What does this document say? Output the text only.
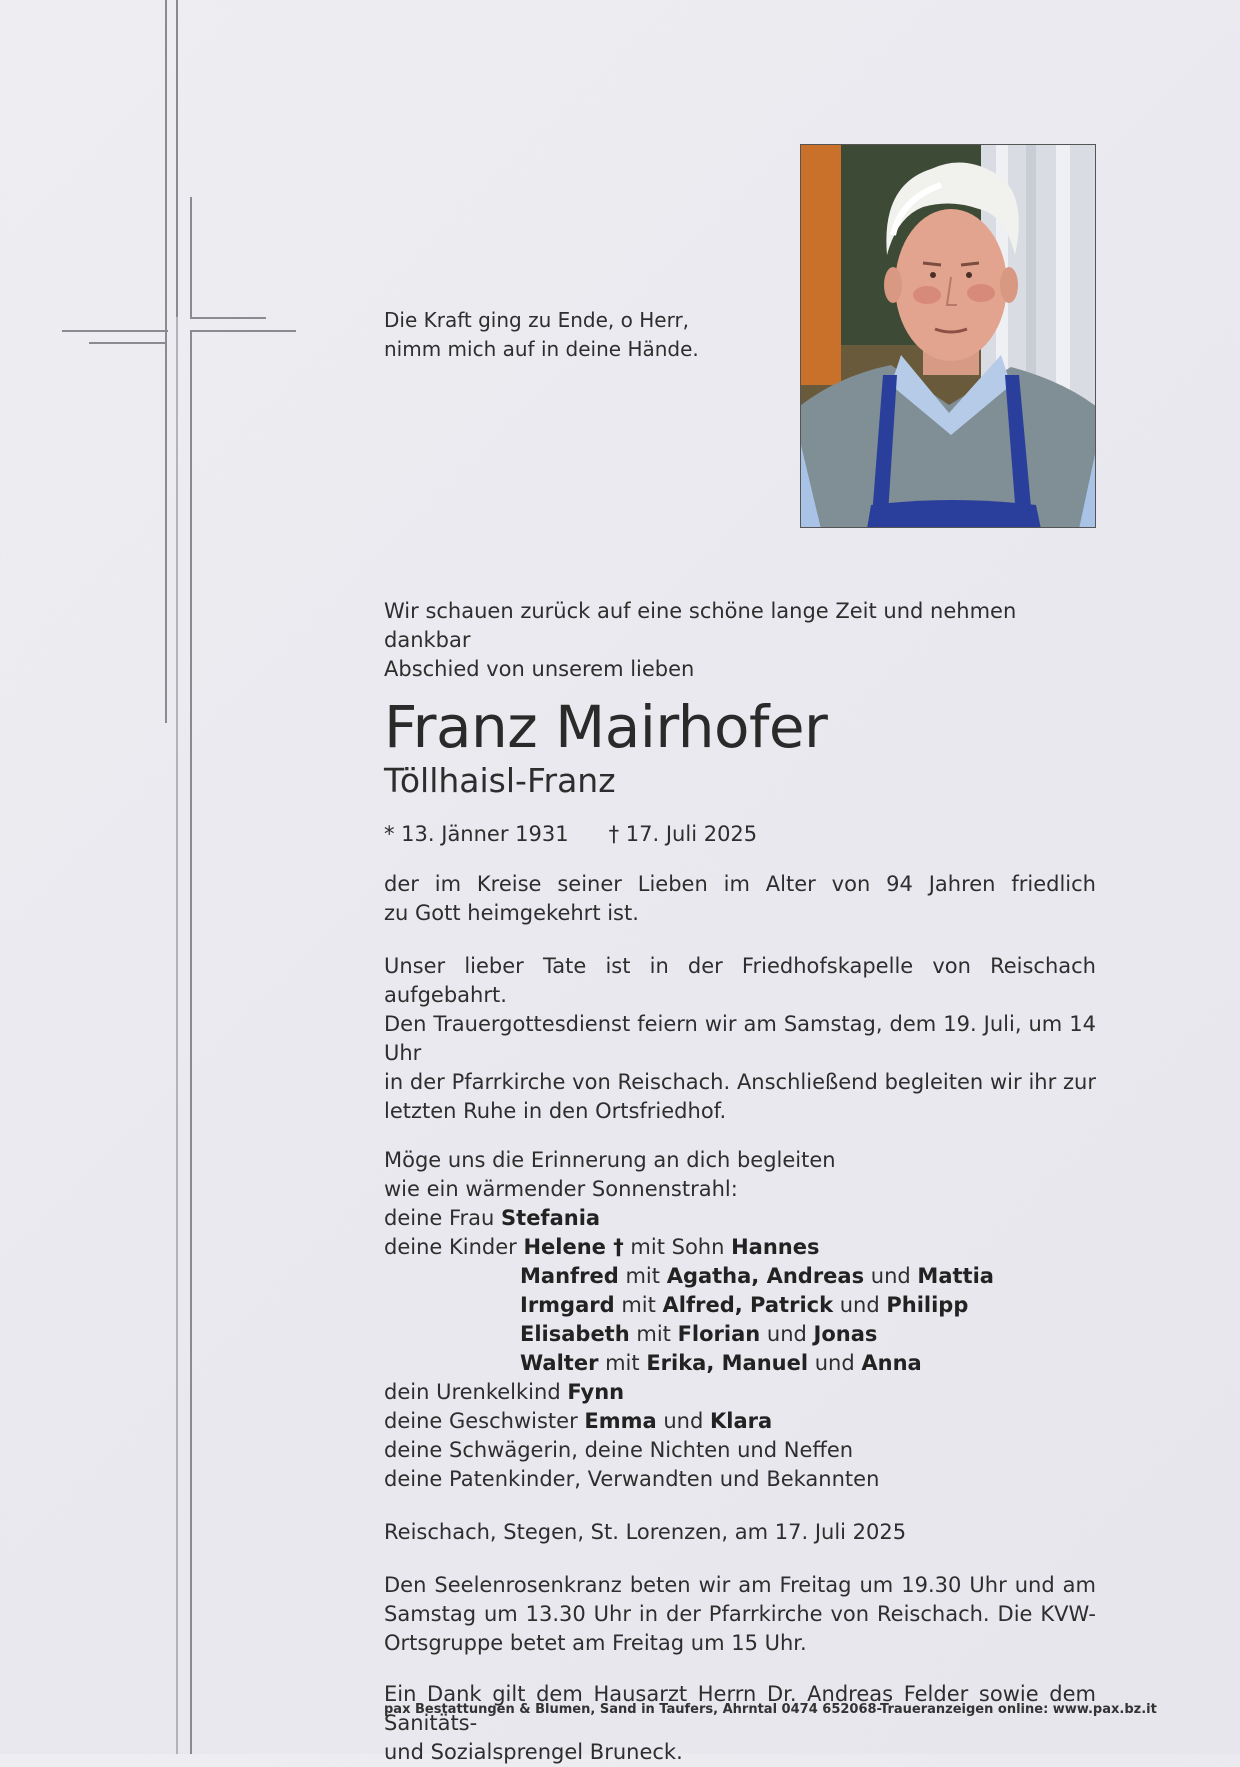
Die Kraft ging zu Ende, o Herr,
nimm mich auf in deine Hände.
Wir schauen zurück auf eine schöne lange Zeit und nehmen dankbar
Abschied von unserem lieben
Franz Mairhofer
Töllhaisl-Franz
* 13. Jänner 1931 † 17. Juli 2025
der im Kreise seiner Lieben im Alter von 94 Jahren friedlich
zu Gott heimgekehrt ist.
Unser lieber Tate ist in der Friedhofskapelle von Reischach aufgebahrt.
Den Trauergottesdienst feiern wir am Samstag, dem 19. Juli, um 14 Uhr
in der Pfarrkirche von Reischach. Anschließend begleiten wir ihr zur
letzten Ruhe in den Ortsfriedhof.
Möge uns die Erinnerung an dich begleiten
wie ein wärmender Sonnenstrahl:
deine Frau Stefania
deine Kinder Helene † mit Sohn Hannes
Manfred mit Agatha, Andreas und Mattia
Irmgard mit Alfred, Patrick und Philipp
Elisabeth mit Florian und Jonas
Walter mit Erika, Manuel und Anna
dein Urenkelkind Fynn
deine Geschwister Emma und Klara
deine Schwägerin, deine Nichten und Neffen
deine Patenkinder, Verwandten und Bekannten
Reischach, Stegen, St. Lorenzen, am 17. Juli 2025
Den Seelenrosenkranz beten wir am Freitag um 19.30 Uhr und am
Samstag um 13.30 Uhr in der Pfarrkirche von Reischach. Die KVW-
Ortsgruppe betet am Freitag um 15 Uhr.
Ein Dank gilt dem Hausarzt Herrn Dr. Andreas Felder sowie dem Sanitäts-
und Sozialsprengel Bruneck.
pax Bestattungen & Blumen, Sand in Taufers, Ahrntal 0474 652068-Traueranzeigen online: www.pax.bz.it
